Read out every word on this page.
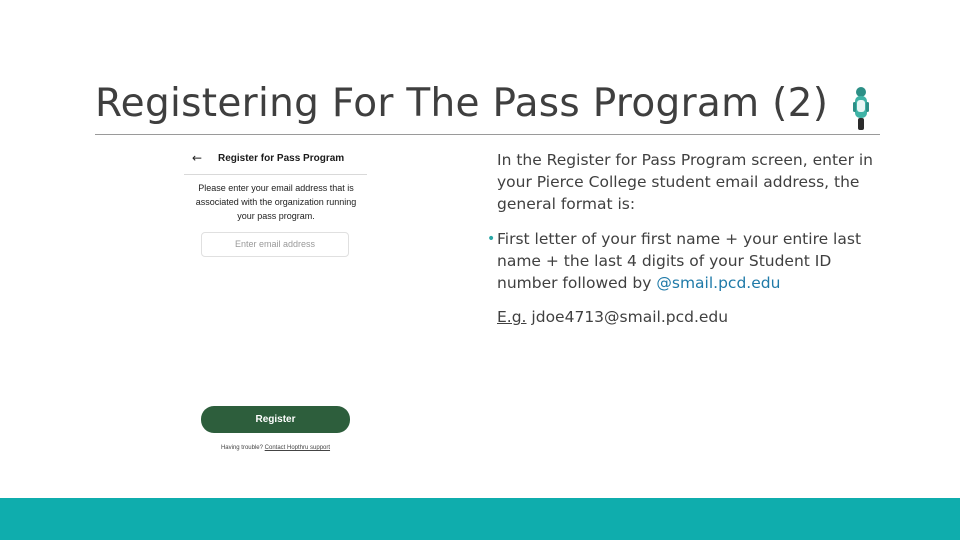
Registering For The Pass Program (2)
← Register for Pass Program
Please enter your email address that is associated with the organization running your pass program.
Enter email address
Register
Having trouble? Contact Hopthru support
In the Register for Pass Program screen, enter in your Pierce College student email address, the general format is:
• First letter of your first name + your entire last name + the last 4 digits of your Student ID number followed by @smail.pcd.edu
E.g. jdoe4713@smail.pcd.edu
